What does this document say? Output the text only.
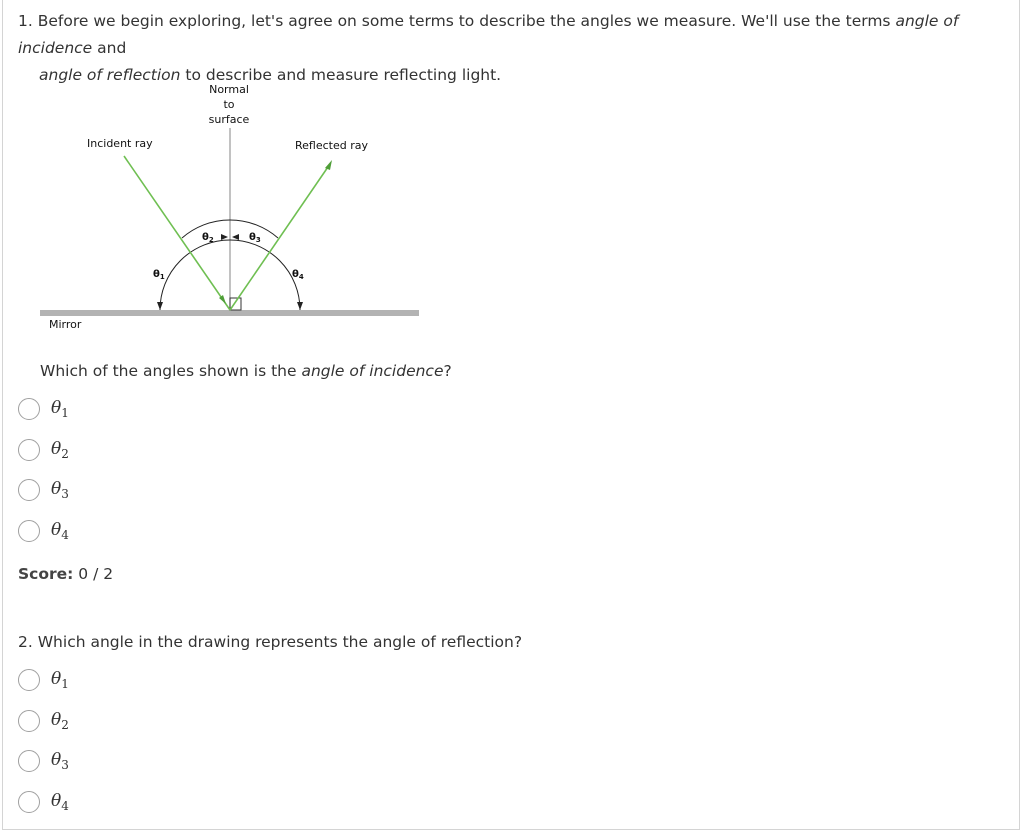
1. Before we begin exploring, let's agree on some terms to describe the angles we measure. We'll use the terms angle of incidence and
angle of reflection to describe and measure reflecting light.
Mirror
Normal
to
surface
Incident ray	Reflected ray
$\theta_1$
$\theta_2$	$\theta_3$
$\theta_4$
Which of the angles shown is the angle of incidence?
$\theta_1$
$\theta_2$
$\theta_3$
$\theta_4$
Score: 0 / 2
2. Which angle in the drawing represents the angle of reflection?
$\theta_1$
$\theta_2$
$\theta_3$
$\theta_4$
